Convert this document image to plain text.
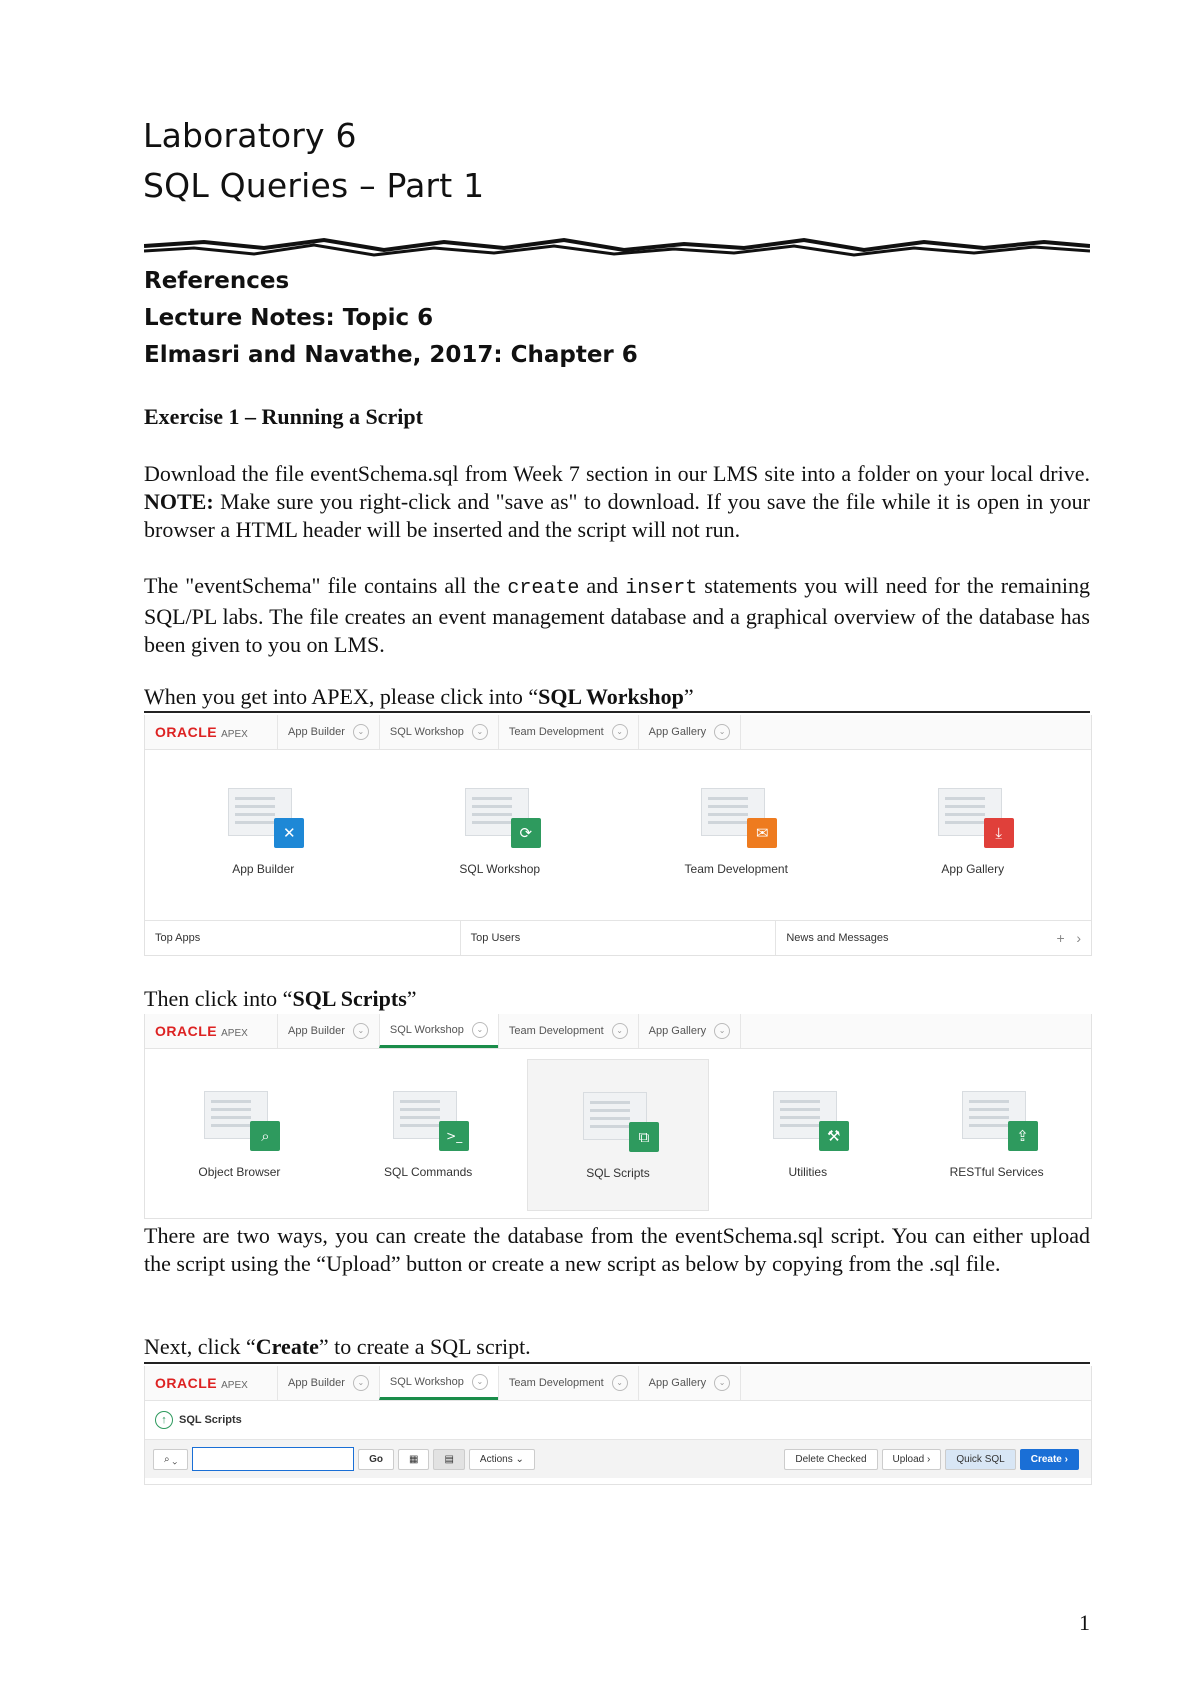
Laboratory 6
SQL Queries – Part 1
References
Lecture Notes: Topic 6
Elmasri and Navathe, 2017: Chapter 6
Exercise 1 – Running a Script
Download the file eventSchema.sql from Week 7 section in our LMS site into a folder on your local drive. NOTE: Make sure you right-click and "save as" to download. If you save the file while it is open in your browser a HTML header will be inserted and the script will not run.
The "eventSchema" file contains all the create and insert statements you will need for the remaining SQL/PL labs. The file creates an event management database and a graphical overview of the database has been given to you on LMS.
When you get into APEX, please click into “SQL Workshop”
ORACLE APEX	App Builder	⌄	SQL Workshop	⌄	Team Development	⌄	App Gallery	⌄
✕
App Builder
⟳
SQL Workshop
✉
Team Development
⤓
App Gallery
Top Apps	Top Users	News and Messages	+ ›
Then click into “SQL Scripts”
ORACLE APEX	App Builder	⌄	SQL Workshop	⌄	Team Development	⌄	App Gallery	⌄
⌕
Object Browser
>_
SQL Commands
⧉
SQL Scripts
⚒
Utilities
⇪
RESTful Services
There are two ways, you can create the database from the eventSchema.sql script. You can either upload the script using the “Upload” button or create a new script as below by copying from the .sql file.
Next, click “Create” to create a SQL script.
ORACLE APEX	App Builder	⌄	SQL Workshop	⌄	Team Development	⌄	App Gallery	⌄
↑	SQL Scripts
⌕ ⌄	Go	▦	▤	Actions ⌄	Delete Checked	Upload ›	Quick SQL	Create ›
1
